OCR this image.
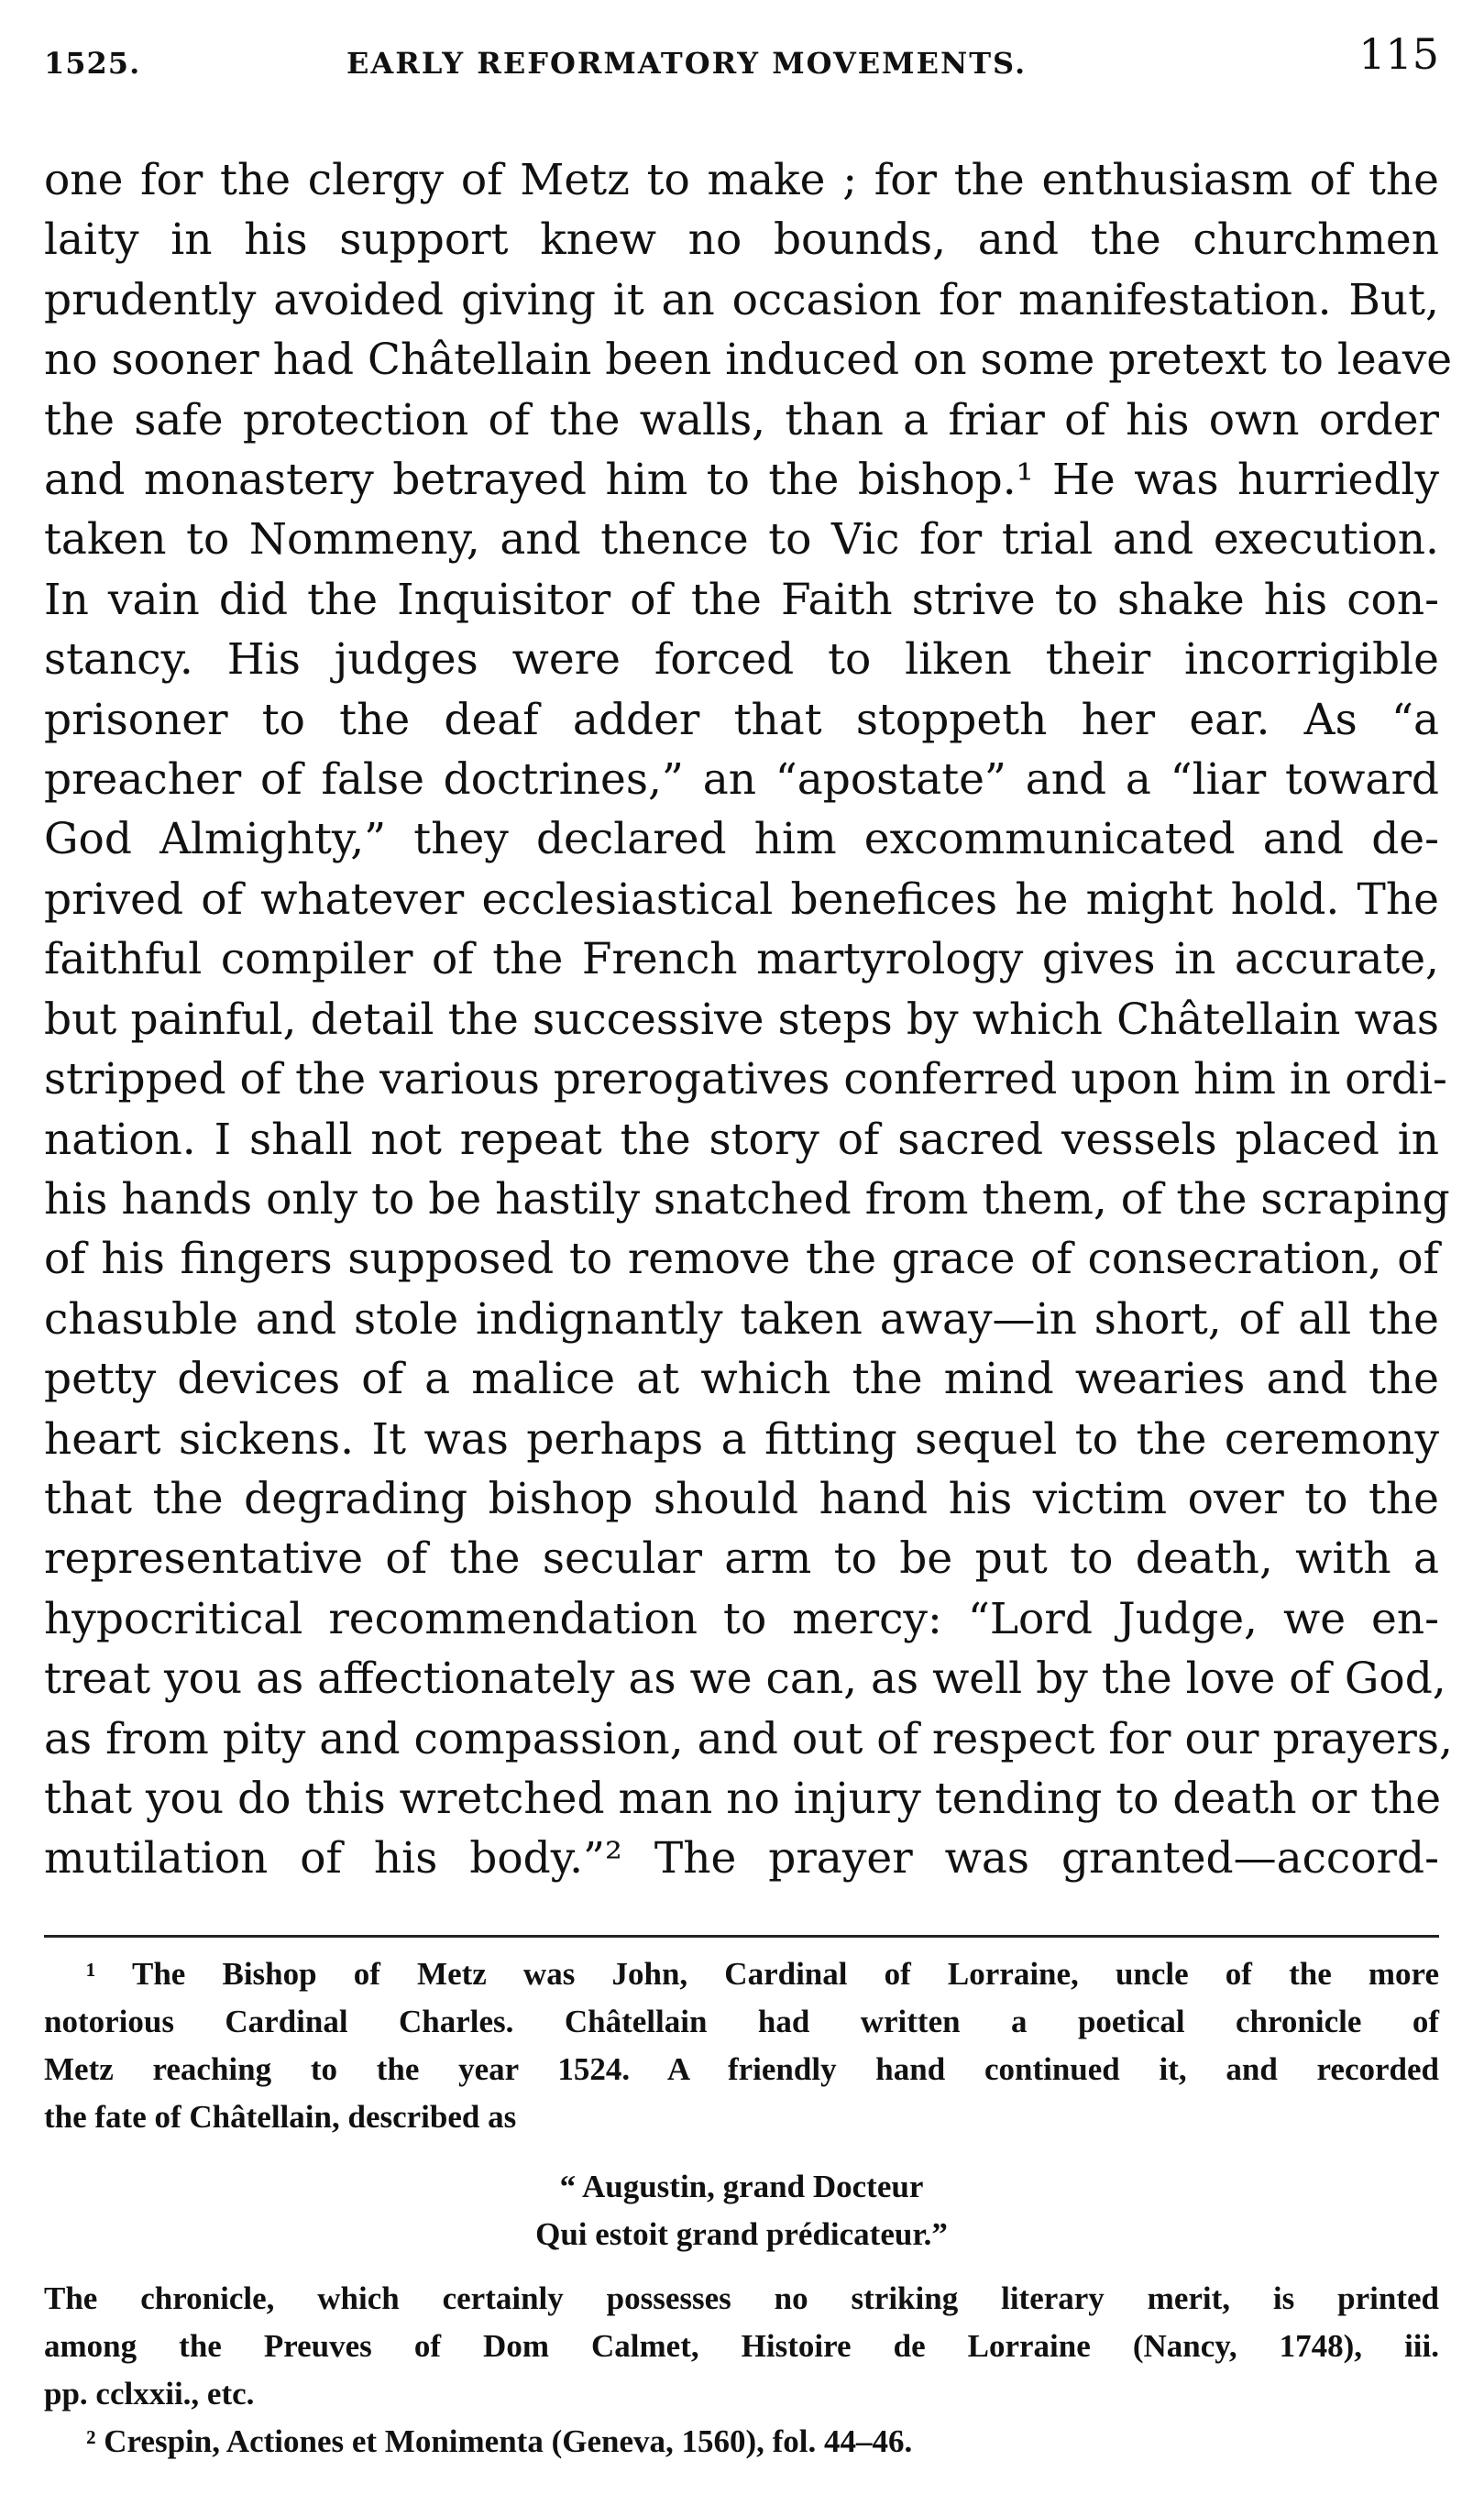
1525.	EARLY REFORMATORY MOVEMENTS.	115
one for the clergy of Metz to make ; for the enthusiasm of the
laity in his support knew no bounds, and the churchmen
prudently avoided giving it an occasion for manifestation. But,
no sooner had Châtellain been induced on some pretext to leave
the safe protection of the walls, than a friar of his own order
and monastery betrayed him to the bishop.¹ He was hurriedly
taken to Nommeny, and thence to Vic for trial and execution.
In vain did the Inquisitor of the Faith strive to shake his con-
stancy. His judges were forced to liken their incorrigible
prisoner to the deaf adder that stoppeth her ear. As “a
preacher of false doctrines,” an “apostate” and a “liar toward
God Almighty,” they declared him excommunicated and de-
prived of whatever ecclesiastical benefices he might hold. The
faithful compiler of the French martyrology gives in accurate,
but painful, detail the successive steps by which Châtellain was
stripped of the various prerogatives conferred upon him in ordi-
nation. I shall not repeat the story of sacred vessels placed in
his hands only to be hastily snatched from them, of the scraping
of his fingers supposed to remove the grace of consecration, of
chasuble and stole indignantly taken away—in short, of all the
petty devices of a malice at which the mind wearies and the
heart sickens. It was perhaps a fitting sequel to the ceremony
that the degrading bishop should hand his victim over to the
representative of the secular arm to be put to death, with a
hypocritical recommendation to mercy: “Lord Judge, we en-
treat you as affectionately as we can, as well by the love of God,
as from pity and compassion, and out of respect for our prayers,
that you do this wretched man no injury tending to death or the
mutilation of his body.”² The prayer was granted—accord-
¹ The Bishop of Metz was John, Cardinal of Lorraine, uncle of the more
notorious Cardinal Charles. Châtellain had written a poetical chronicle of
Metz reaching to the year 1524. A friendly hand continued it, and recorded
the fate of Châtellain, described as
“ Augustin, grand Docteur
Qui estoit grand prédicateur.”
The chronicle, which certainly possesses no striking literary merit, is printed
among the Preuves of Dom Calmet, Histoire de Lorraine (Nancy, 1748), iii.
pp. cclxxii., etc.
² Crespin, Actiones et Monimenta (Geneva, 1560), fol. 44–46.
